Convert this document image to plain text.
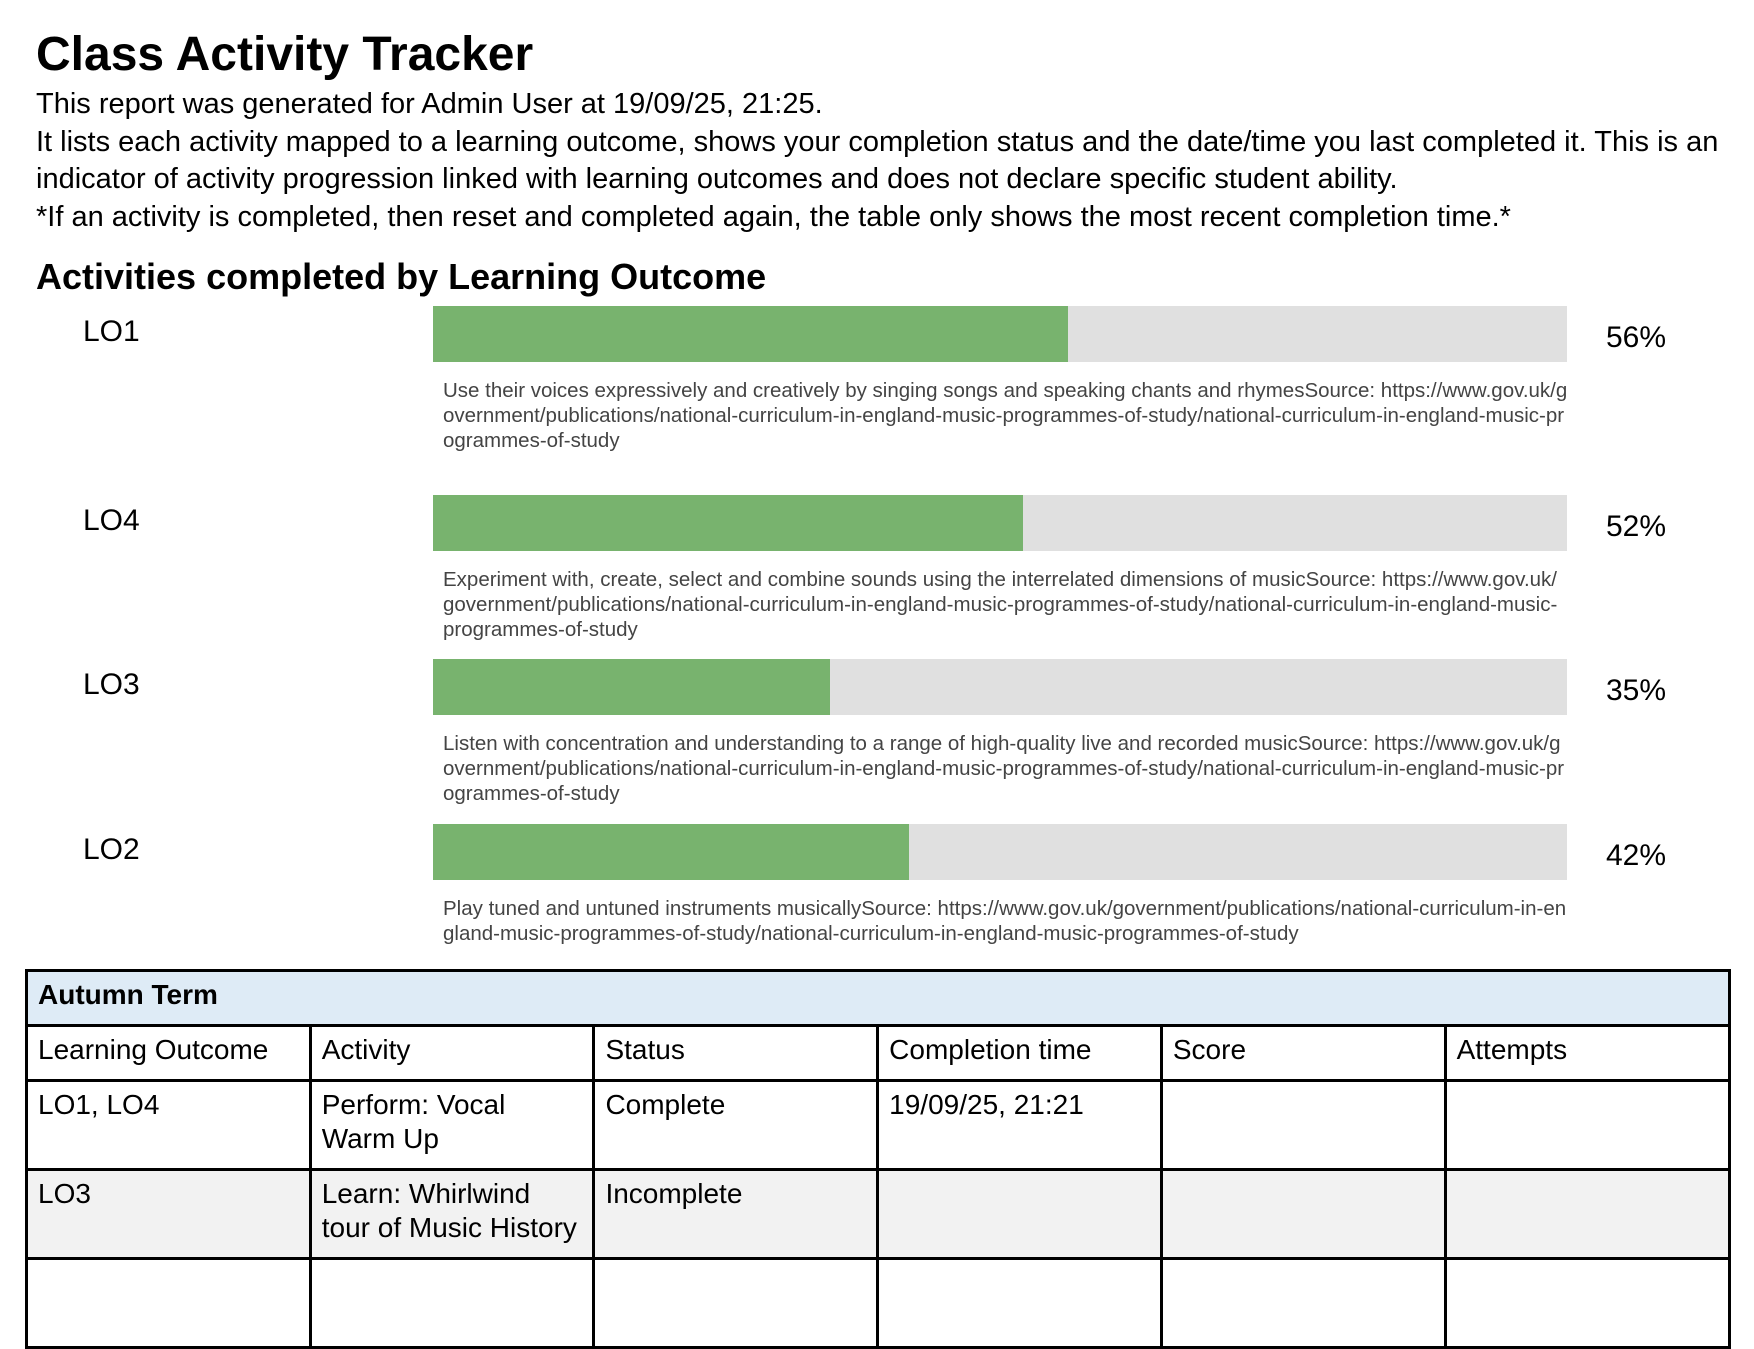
Class Activity Tracker

This report was generated for Admin User at 19/09/25, 21:25.

It lists each activity mapped to a learning outcome, shows your completion status and the date/time you last completed it. This is an indicator of activity progression linked with learning outcomes and does not declare specific student ability.

*If an activity is completed, then reset and completed again, the table only shows the most recent completion time.*

Activities completed by Learning Outcome
LO1	56%
Use their voices expressively and creatively by singing songs and speaking chants and rhymesSource: https://www.gov.uk/government/publications/national-curriculum-in-england-music-programmes-of-study/national-curriculum-in-england-music-programmes-of-study
LO4	52%
Experiment with, create, select and combine sounds using the interrelated dimensions of musicSource: https://www.gov.uk/government/publications/national-curriculum-in-england-music-programmes-of-study/national-curriculum-in-england-music-programmes-of-study
LO3	35%
Listen with concentration and understanding to a range of high-quality live and recorded musicSource: https://www.gov.uk/government/publications/national-curriculum-in-england-music-programmes-of-study/national-curriculum-in-england-music-programmes-of-study
LO2	42%
Play tuned and untuned instruments musicallySource: https://www.gov.uk/government/publications/national-curriculum-in-england-music-programmes-of-study/national-curriculum-in-england-music-programmes-of-study
Autumn Term					
Learning Outcome	Activity	Status	Completion time	Score	Attempts
LO1, LO4	Perform: Vocal Warm Up	Complete	19/09/25, 21:21		
LO3	Learn: Whirlwind tour of Music History	Incomplete			
